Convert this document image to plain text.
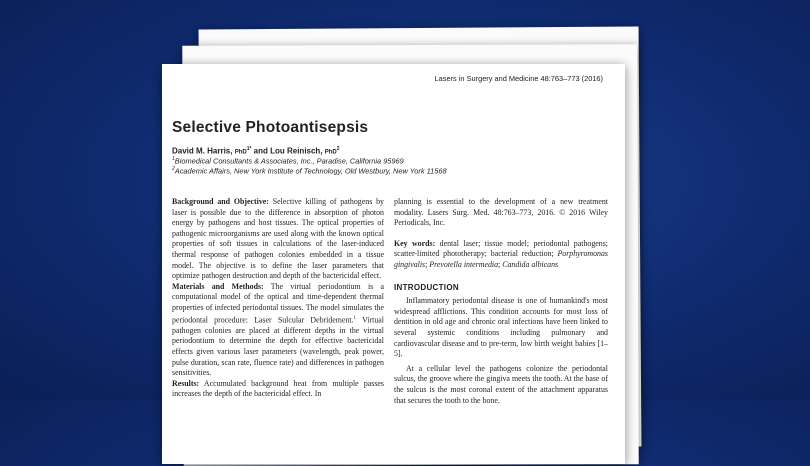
Lasers in Surgery and Medicine 48:763–773 (2016)
Selective Photoantisepsis
David M. Harris, PhD$^{1*}$ and Lou Reinisch, PhD$^2$
$^1$Biomedical Consultants & Associates, Inc., Paradise, California 95969
$^2$Academic Affairs, New York Institute of Technology, Old Westbury, New York 11568

Background and Objective: Selective killing of pathogens by laser is possible due to the difference in absorption of photon energy by pathogens and host tissues. The optical properties of pathogenic microorganisms are used along with the known optical properties of soft tissues in calculations of the laser-induced thermal response of pathogen colonies embedded in a tissue model. The objective is to define the laser parameters that optimize pathogen destruction and depth of the bactericidal effect.

Materials and Methods: The virtual periodontium is a computational model of the optical and time-dependent thermal properties of infected periodontal tissues. The model simulates the periodontal procedure: Laser Sulcular Debridement.$^1$ Virtual pathogen colonies are placed at different depths in the virtual periodontium to determine the depth for effective bactericidal effects given various laser parameters (wavelength, peak power, pulse duration, scan rate, fluence rate) and differences in pathogen sensitivities.

Results: Accumulated background heat from multiple passes increases the depth of the bactericidal effect. In

planning is essential to the development of a new treatment modality. Lasers Surg. Med. 48:763–773, 2016. © 2016 Wiley Periodicals, Inc.

Key words: dental laser; tissue model; periodontal pathogens; scatter-limited phototherapy; bacterial reduction; Porphyromonas gingivalis; Prevotella intermedia; Candida albicans

INTRODUCTION

Inflammatory periodontal disease is one of humankind's most widespread afflictions. This condition accounts for most loss of dentition in old age and chronic oral infections have been linked to several systemic conditions including pulmonary and cardiovascular disease and to pre-term, low birth weight babies [1–5].

At a cellular level the pathogens colonize the periodontal sulcus, the groove where the gingiva meets the tooth. At the base of the sulcus is the most coronal extent of the attachment apparatus that secures the tooth to the bone.
